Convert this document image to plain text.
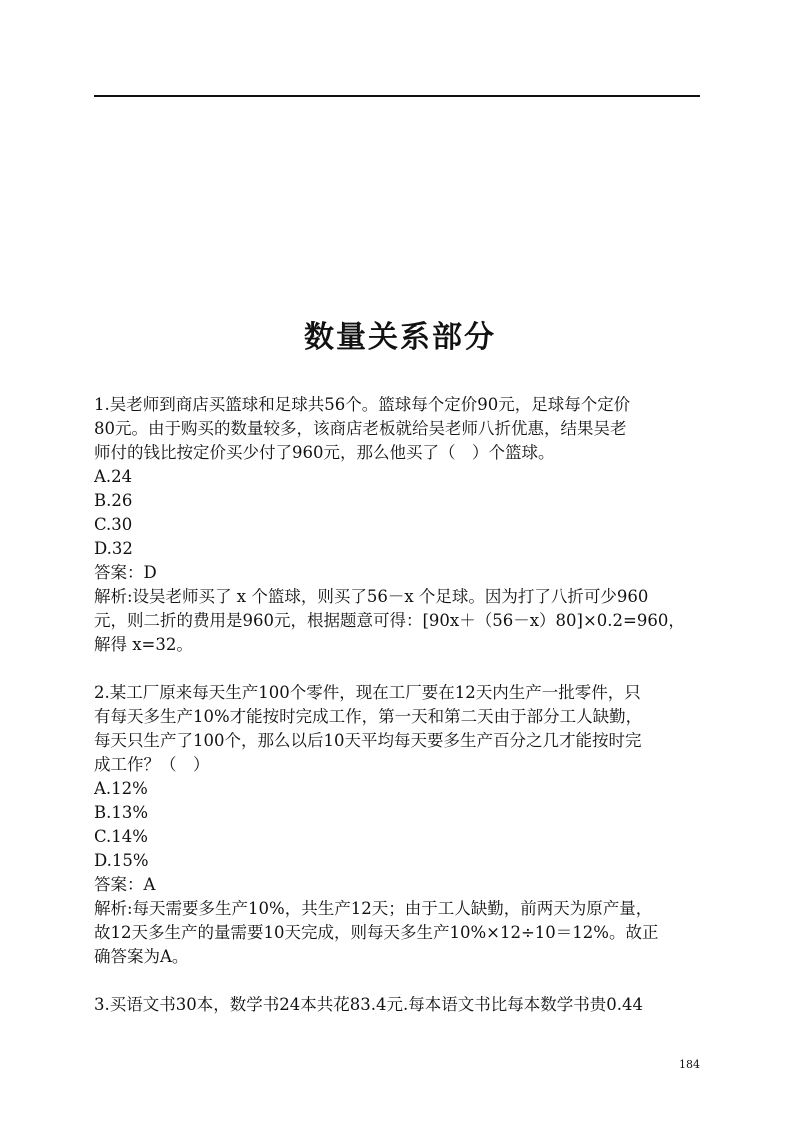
数量关系部分
1.吴老师到商店买篮球和足球共56个。篮球每个定价90元，足球每个定价
80元。由于购买的数量较多，该商店老板就给吴老师八折优惠，结果吴老
师付的钱比按定价买少付了960元，那么他买了（　）个篮球。
A.24
B.26
C.30
D.32
答案：D
解析:设吴老师买了 x 个篮球，则买了56－x 个足球。因为打了八折可少960
元，则二折的费用是960元，根据题意可得：[90x＋（56－x）80]×0.2=960，
解得 x=32。
2.某工厂原来每天生产100个零件，现在工厂要在12天内生产一批零件，只
有每天多生产10%才能按时完成工作，第一天和第二天由于部分工人缺勤，
每天只生产了100个，那么以后10天平均每天要多生产百分之几才能按时完
成工作？（　）
A.12%
B.13%
C.14%
D.15%
答案：A
解析:每天需要多生产10%，共生产12天；由于工人缺勤，前两天为原产量，
故12天多生产的量需要10天完成，则每天多生产10%×12÷10＝12%。故正
确答案为A。
3.买语文书30本，数学书24本共花83.4元.每本语文书比每本数学书贵0.44
184
